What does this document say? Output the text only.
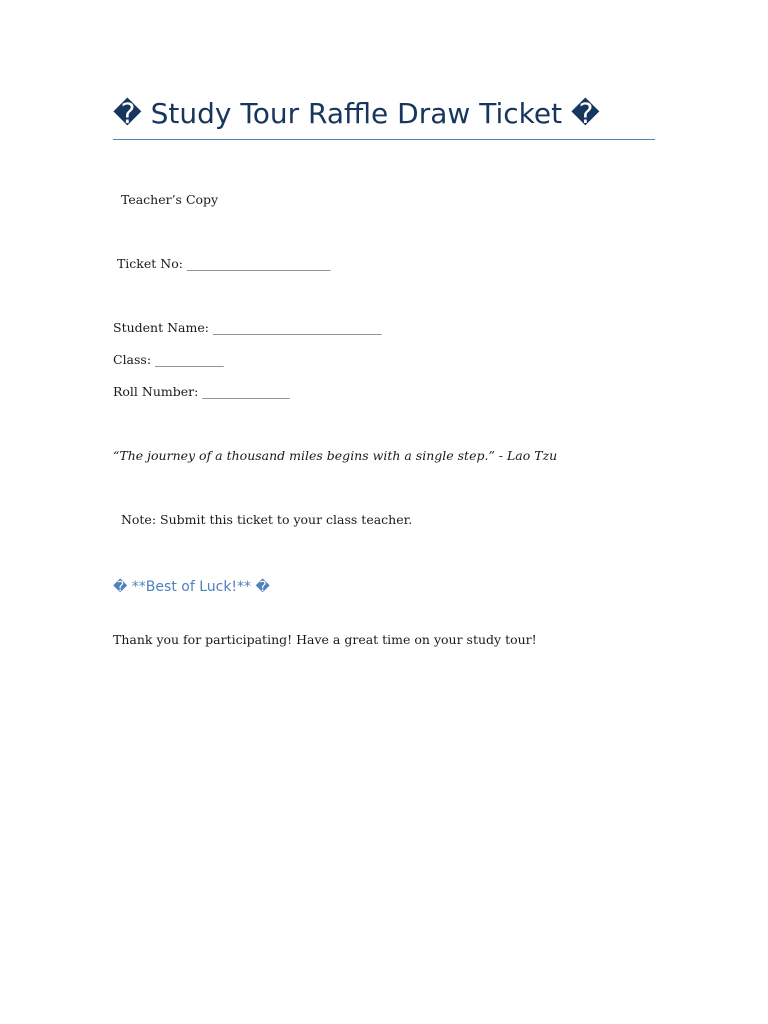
� Study Tour Raffle Draw Ticket �

Teacher’s Copy

Ticket No: _______________________

Student Name: ___________________________

Class: ___________

Roll Number: ______________

“The journey of a thousand miles begins with a single step.” - Lao Tzu

Note: Submit this ticket to your class teacher.

� **Best of Luck!** �

Thank you for participating! Have a great time on your study tour!
